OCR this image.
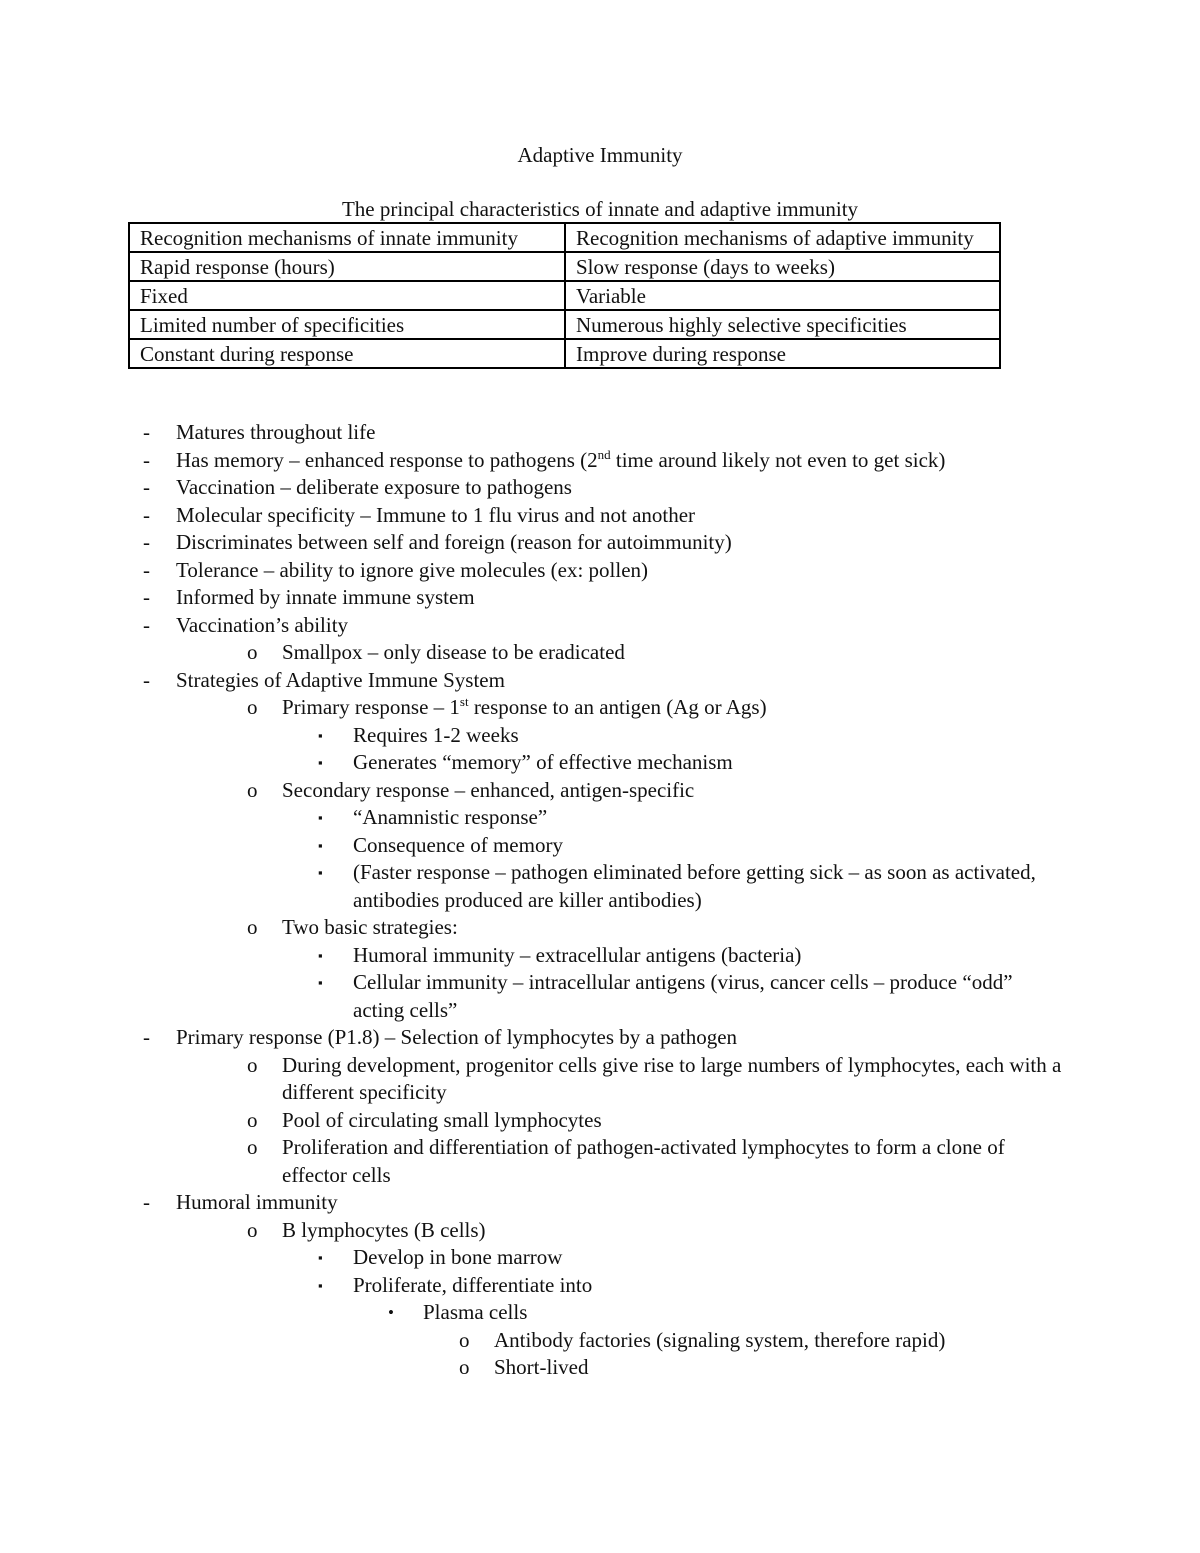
Adaptive Immunity
The principal characteristics of innate and adaptive immunity
Recognition mechanisms of innate immunity	Recognition mechanisms of adaptive immunity
Rapid response (hours)	Slow response (days to weeks)
Fixed	Variable
Limited number of specificities	Numerous highly selective specificities
Constant during response	Improve during response
- Matures throughout life
- Has memory – enhanced response to pathogens (2nd time around likely not even to get sick)
- Vaccination – deliberate exposure to pathogens
- Molecular specificity – Immune to 1 flu virus and not another
- Discriminates between self and foreign (reason for autoimmunity)
- Tolerance – ability to ignore give molecules (ex: pollen)
- Informed by innate immune system
- Vaccination’s ability
o Smallpox – only disease to be eradicated
- Strategies of Adaptive Immune System
o Primary response – 1st response to an antigen (Ag or Ags)
▪ Requires 1-2 weeks
▪ Generates “memory” of effective mechanism
o Secondary response – enhanced, antigen-specific
▪ “Anamnistic response”
▪ Consequence of memory
▪ (Faster response – pathogen eliminated before getting sick – as soon as activated, antibodies produced are killer antibodies)
o Two basic strategies:
▪ Humoral immunity – extracellular antigens (bacteria)
▪ Cellular immunity – intracellular antigens (virus, cancer cells – produce “odd” acting cells”
- Primary response (P1.8) – Selection of lymphocytes by a pathogen
o During development, progenitor cells give rise to large numbers of lymphocytes, each with a different specificity
o Pool of circulating small lymphocytes
o Proliferation and differentiation of pathogen-activated lymphocytes to form a clone of effector cells
- Humoral immunity
o B lymphocytes (B cells)
▪ Develop in bone marrow
▪ Proliferate, differentiate into
• Plasma cells
o Antibody factories (signaling system, therefore rapid)
o Short-lived
